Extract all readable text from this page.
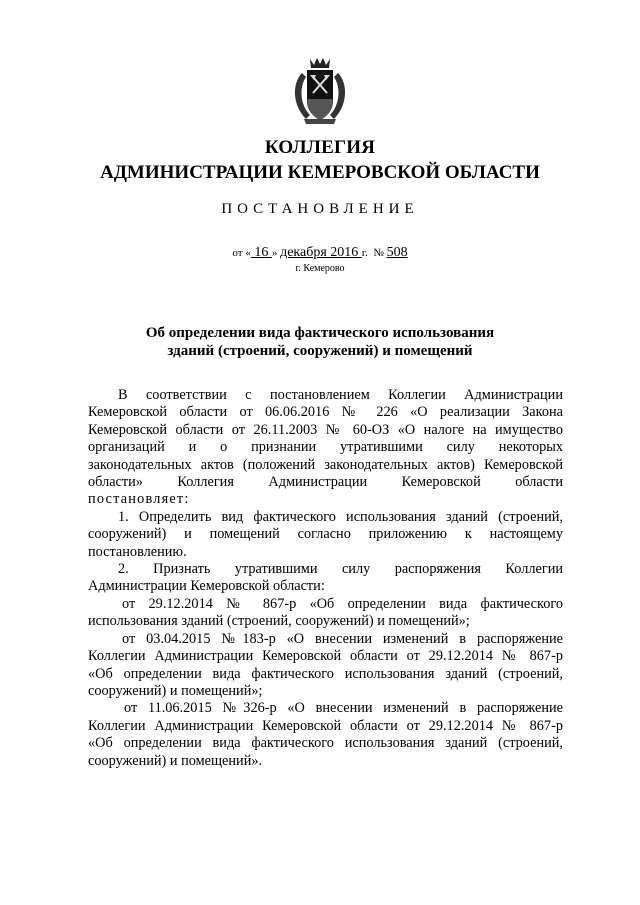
КОЛЛЕГИЯ
АДМИНИСТРАЦИИ КЕМЕРОВСКОЙ ОБЛАСТИ
ПОСТАНОВЛЕНИЕ
от « 16 » декабря 2016 г. № 508
г. Кемерово
Об определении вида фактического использования
зданий (строений, сооружений) и помещений

В соответствии с постановлением Коллегии Администрации

Кемеровской области от 06.06.2016 № 226 «О реализации Закона

Кемеровской области от 26.11.2003 № 60-ОЗ «О налоге на имущество

организаций и о признании утратившими силу некоторых

законодательных актов (положений законодательных актов) Кемеровской

области» Коллегия Администрации Кемеровской области

постановляет:

1. Определить вид фактического использования зданий (строений,

сооружений) и помещений согласно приложению к настоящему

постановлению.

2. Признать утратившими силу распоряжения Коллегии

Администрации Кемеровской области:

от 29.12.2014 № 867-р «Об определении вида фактического

использования зданий (строений, сооружений) и помещений»;

от 03.04.2015 №183-р «О внесении изменений в распоряжение

Коллегии Администрации Кемеровской области от 29.12.2014 № 867-р

«Об определении вида фактического использования зданий (строений,

сооружений) и помещений»;

от 11.06.2015 №326-р «О внесении изменений в распоряжение

Коллегии Администрации Кемеровской области от 29.12.2014 № 867-р

«Об определении вида фактического использования зданий (строений,

сооружений) и помещений».
